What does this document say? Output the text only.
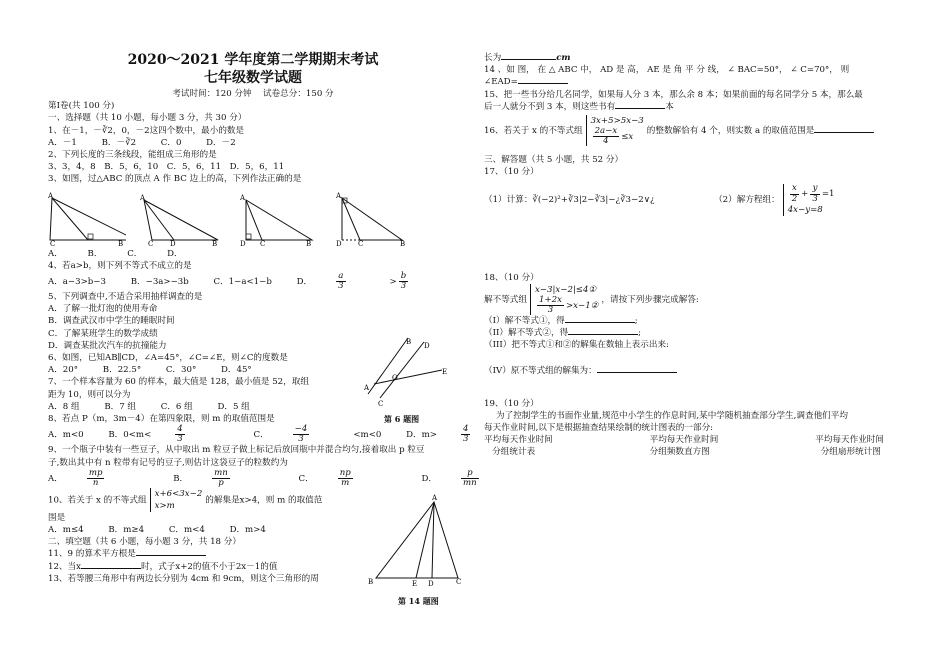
2020～2021 学年度第二学期期末考试
七年级数学试题
考试时间：120 分钟　 试卷总分：150 分
第Ⅰ卷(共 100 分)
一、选择题（共 10 小题，每小题 3 分，共 30 分）
1、在－1，－∛2，0，－2这四个数中，最小的数是
A．－1	B．－∛2	C．0	D．－2
2、下列长度的三条线段，能组成三角形的是
3、3，4，8　B．5，6，10　C．5，6，11　D．5，6，11
3、如图，过△ABC 的顶点 A 作 BC 边上的高，下列作法正确的是
A
C	B
A
C D	B
A
D C	B
A
D C	B
A．	B．	C．	D．
4、若a>b，则下列不等式不成立的是
A．a−3>b−3	B．−3a>−3b	C．1−a<1−b	D．	$\frac{a}{3}$	> $\frac{b}{3}$
5、下列调查中,不适合采用抽样调查的是
A．了解一批灯泡的使用寿命
B．调查武汉市中学生的睡眠时间
C．了解某班学生的数学成绩
D．调查某批次汽车的抗撞能力
6、如图，已知AB∥CD，∠A=45°，∠C=∠E，则∠C的度数是
A．20°	B．22.5°	C．30°	D．45°
7、一个样本容量为 60 的样本，最大值是 128，最小值是 52，取组
距为 10，则可以分为
A．8 组	B．7 组	C．6 组	D．5 组
8、若点 P（m，3m－4）在第四象限，则 m 的取值范围是
A．m<0	B．0<m<	$\frac{4}{3}$	C．	$\frac{-4}{3}$	<m<0	D．m>	$\frac{4}{3}$
9、一个瓶子中装有一些豆子，从中取出 m 粒豆子做上标记后放回瓶中并混合均匀,接着取出 p 粒豆
子,数出其中有 n 粒带有记号的豆子,则估计这袋豆子的粒数约为
A．	$\frac{mp}{n}$	B．	$\frac{mn}{p}$	C．	$\frac{np}{m}$	D．	$\frac{p}{mn}$
10、若关于 x 的不等式组x+6<3x−2
x>m的解集是x>4，则 m 的取值范
围是
A．m≤4	B．m≥4	C．m<4	D．m>4
二、填空题（共 6 小题，每小题 3 分，共 18 分）
11、9 的算术平方根是
12、当x	时，式子x+2的值不小于2x－1的值
13、若等腰三角形中有两边长分别为 4cm 和 9cm，则这个三角形的周
B D
A
O
E
C
第 6 题图
A
B	E D	C
第 14 题图
长为	cm
14 、如 图， 在 △ ABC 中， AD 是 高， AE 是 角 平 分 线， ∠ BAC=50°， ∠ C=70°， 则
∠EAD=
15、把一些书分给几名同学，如果每人分 3 本，那么余 8 本；如果前面的每名同学分 5 本，那么最
后一人就分不到 3 本，则这些书有	本
16、若关于 x 的不等式组3x+5>5x−3

$\frac{2a-x}{4} \le x$的整数解恰有 4 个，则实数 a 的取值范围是
三、解答题（共 5 小题，共 52 分）
17、（10 分）
（1）计算：∛(−2)²+∛3|2−∛3|−¿∛3−2∨¿	（2）解方程组： $\frac{x}{2} + \frac{y}{3} =1$
4x−y=8
18、（10 分）
解不等式组x−3|x−2|≤4①

$\frac{1+2x}{3}$ >x−1②，请按下列步骤完成解答:
（I）解不等式①，得	;
（II）解不等式②，得	;
（III）把不等式①和②的解集在数轴上表示出来:
（IV）原不等式组的解集为：
19、（10 分）
为了控制学生的书面作业量,规范中小学生的作息时间,某中学随机抽查部分学生,调查他们平均
每天作业时间,以下是根据抽查结果绘制的统计图表的一部分:
平均每天作业时间
分组统计表
平均每天作业时间
分组频数直方图
平均每天作业时间
分组扇形统计图
